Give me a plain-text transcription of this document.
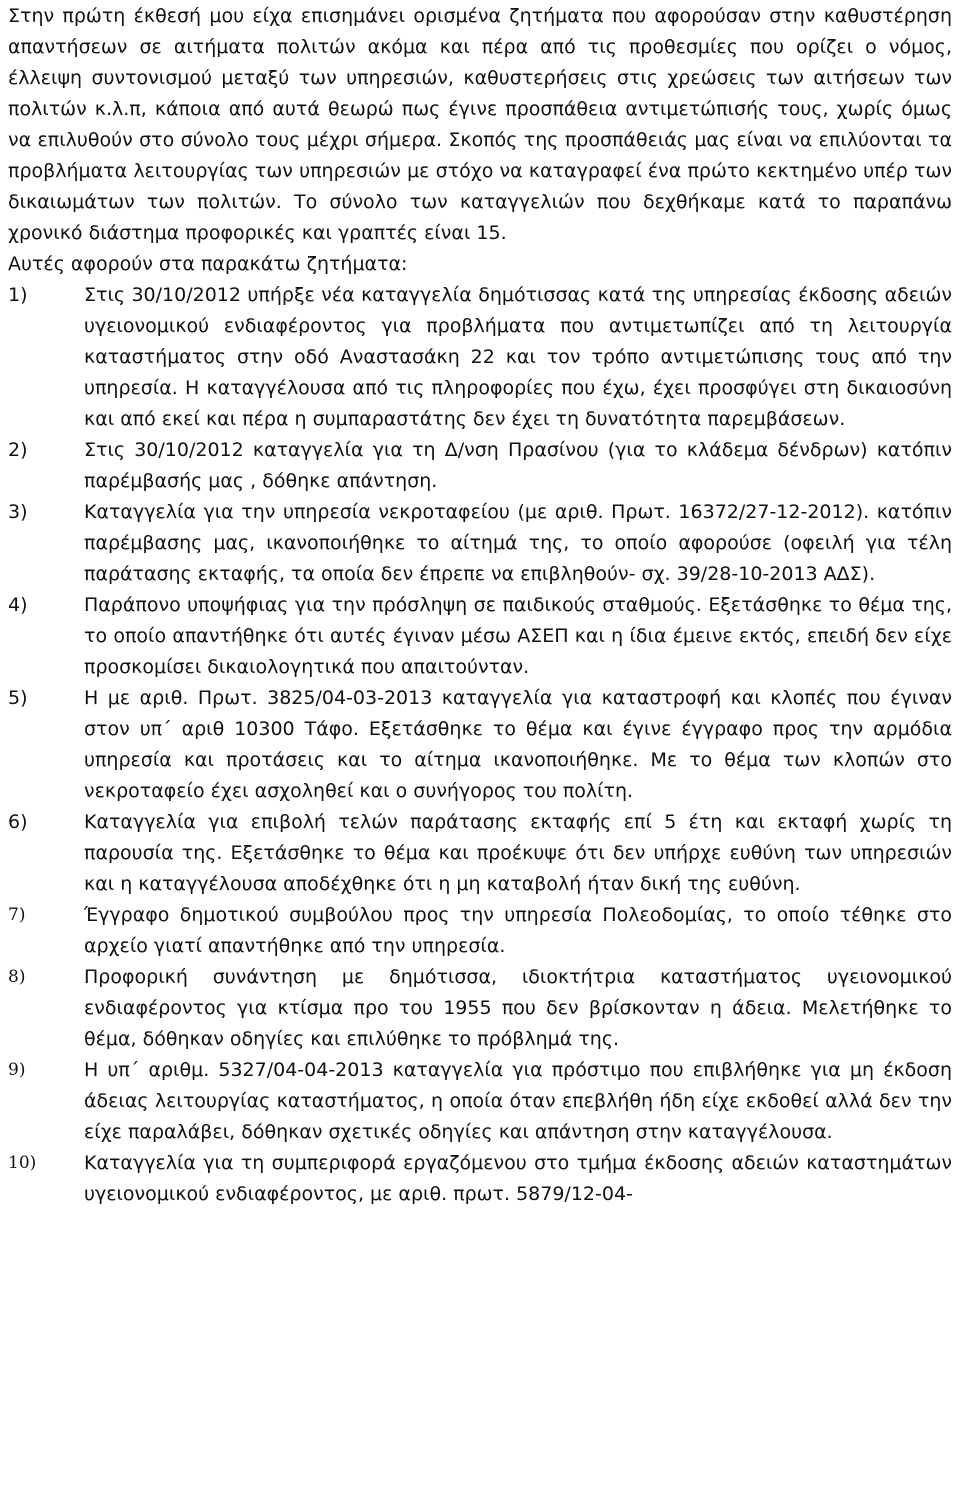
Στην πρώτη έκθεσή μου είχα επισημάνει ορισμένα ζητήματα που αφορούσαν στην καθυστέρηση απαντήσεων σε αιτήματα πολιτών ακόμα και πέρα από τις προθεσμίες που ορίζει ο νόμος, έλλειψη συντονισμού μεταξύ των υπηρεσιών, καθυστερήσεις στις χρεώσεις των αιτήσεων των πολιτών κ.λ.π, κάποια από αυτά θεωρώ πως έγινε προσπάθεια αντιμετώπισής τους, χωρίς όμως να επιλυθούν στο σύνολο τους μέχρι σήμερα. Σκοπός της προσπάθειάς μας είναι να επιλύονται τα προβλήματα λειτουργίας των υπηρεσιών με στόχο να καταγραφεί ένα πρώτο κεκτημένο υπέρ των δικαιωμάτων των πολιτών. Το σύνολο των καταγγελιών που δεχθήκαμε κατά το παραπάνω χρονικό διάστημα προφορικές και γραπτές είναι 15.

Αυτές αφορούν στα παρακάτω ζητήματα:

1)	Στις 30/10/2012 υπήρξε νέα καταγγελία δημότισσας κατά της υπηρεσίας έκδοσης αδειών υγειονομικού ενδιαφέροντος για προβλήματα που αντιμετωπίζει από τη λειτουργία καταστήματος στην οδό Αναστασάκη 22 και τον τρόπο αντιμετώπισης τους από την υπηρεσία. Η καταγγέλουσα από τις πληροφορίες που έχω, έχει προσφύγει στη δικαιοσύνη και από εκεί και πέρα η συμπαραστάτης δεν έχει τη δυνατότητα παρεμβάσεων.
2)	Στις 30/10/2012 καταγγελία για τη Δ/νση Πρασίνου (για το κλάδεμα δένδρων) κατόπιν παρέμβασής μας , δόθηκε απάντηση.
3)	Καταγγελία για την υπηρεσία νεκροταφείου (με αριθ. Πρωτ. 16372/27-12-2012). κατόπιν παρέμβασης μας, ικανοποιήθηκε το αίτημά της, το οποίο αφορούσε (οφειλή για τέλη παράτασης εκταφής, τα οποία δεν έπρεπε να επιβληθούν- σχ. 39/28-10-2013 ΑΔΣ).
4)	Παράπονο υποψήφιας για την πρόσληψη σε παιδικούς σταθμούς. Εξετάσθηκε το θέμα της, το οποίο απαντήθηκε ότι αυτές έγιναν μέσω ΑΣΕΠ και η ίδια έμεινε εκτός, επειδή δεν είχε προσκομίσει δικαιολογητικά που απαιτούνταν.
5)	Η με αριθ. Πρωτ. 3825/04-03-2013 καταγγελία για καταστροφή και κλοπές που έγιναν στον υπ΄ αριθ 10300 Τάφο. Εξετάσθηκε το θέμα και έγινε έγγραφο προς την αρμόδια υπηρεσία και προτάσεις και το αίτημα ικανοποιήθηκε. Με το θέμα των κλοπών στο νεκροταφείο έχει ασχοληθεί και ο συνήγορος του πολίτη.
6)	Καταγγελία για επιβολή τελών παράτασης εκταφής επί 5 έτη και εκταφή χωρίς τη παρουσία της. Εξετάσθηκε το θέμα και προέκυψε ότι δεν υπήρχε ευθύνη των υπηρεσιών και η καταγγέλουσα αποδέχθηκε ότι η μη καταβολή ήταν δική της ευθύνη.
7)	Έγγραφο δημοτικού συμβούλου προς την υπηρεσία Πολεοδομίας, το οποίο τέθηκε στο αρχείο γιατί απαντήθηκε από την υπηρεσία.
8)	Προφορική συνάντηση με δημότισσα, ιδιοκτήτρια καταστήματος υγειονομικού ενδιαφέροντος για κτίσμα προ του 1955 που δεν βρίσκονταν η άδεια. Μελετήθηκε το θέμα, δόθηκαν οδηγίες και επιλύθηκε το πρόβλημά της.
9)	Η υπ΄ αριθμ. 5327/04-04-2013 καταγγελία για πρόστιμο που επιβλήθηκε για μη έκδοση άδειας λειτουργίας καταστήματος, η οποία όταν επεβλήθη ήδη είχε εκδοθεί αλλά δεν την είχε παραλάβει, δόθηκαν σχετικές οδηγίες και απάντηση στην καταγγέλουσα.
10)	Καταγγελία για τη συμπεριφορά εργαζόμενου στο τμήμα έκδοσης αδειών καταστημάτων υγειονομικού ενδιαφέροντος, με αριθ. πρωτ. 5879/12-04-
